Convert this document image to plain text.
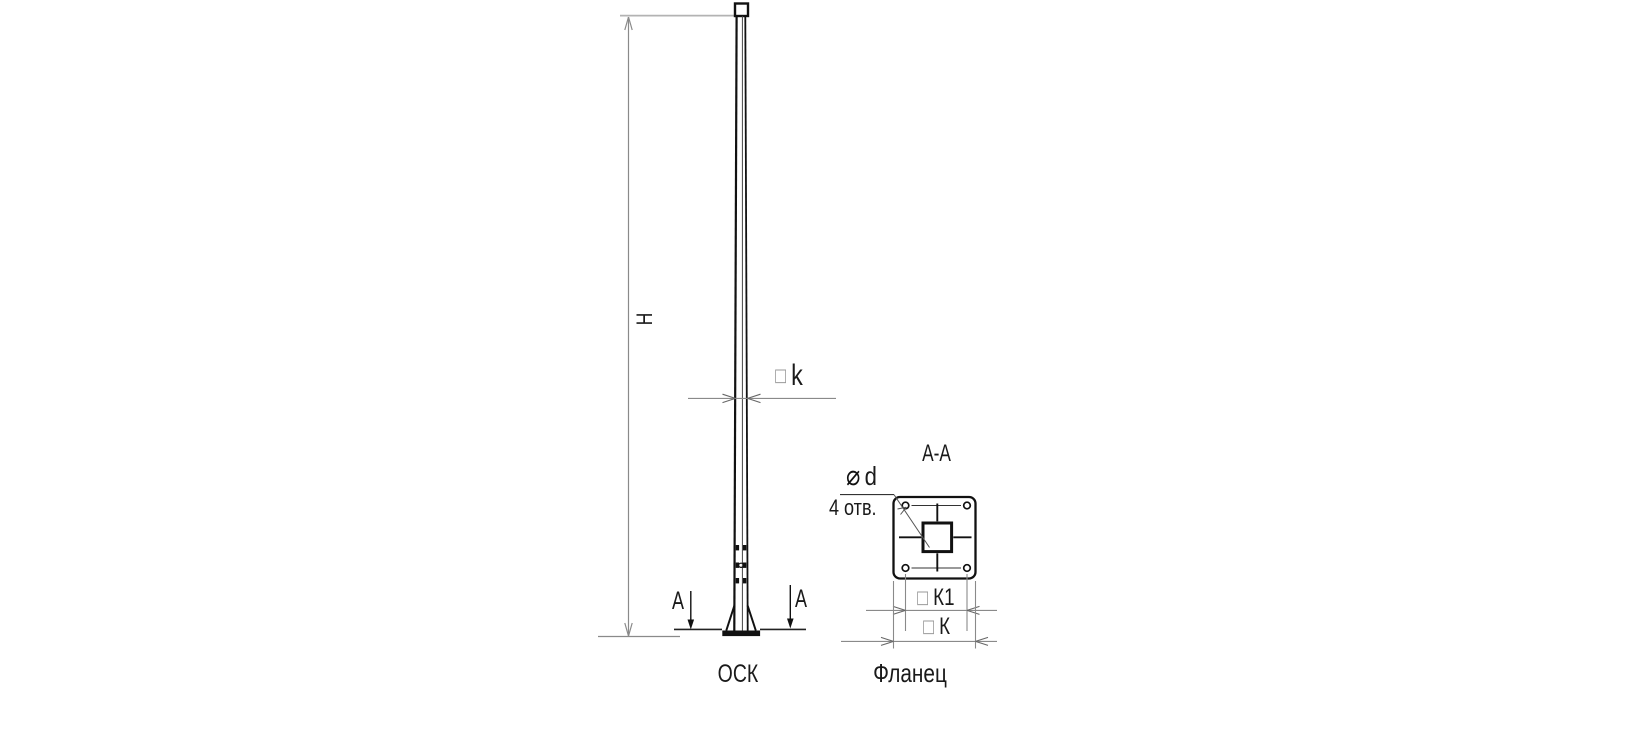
H
□ k
A	A
ОСК
A-A
⌀ d
4 отв.
□ К1
□ К
Фланец
